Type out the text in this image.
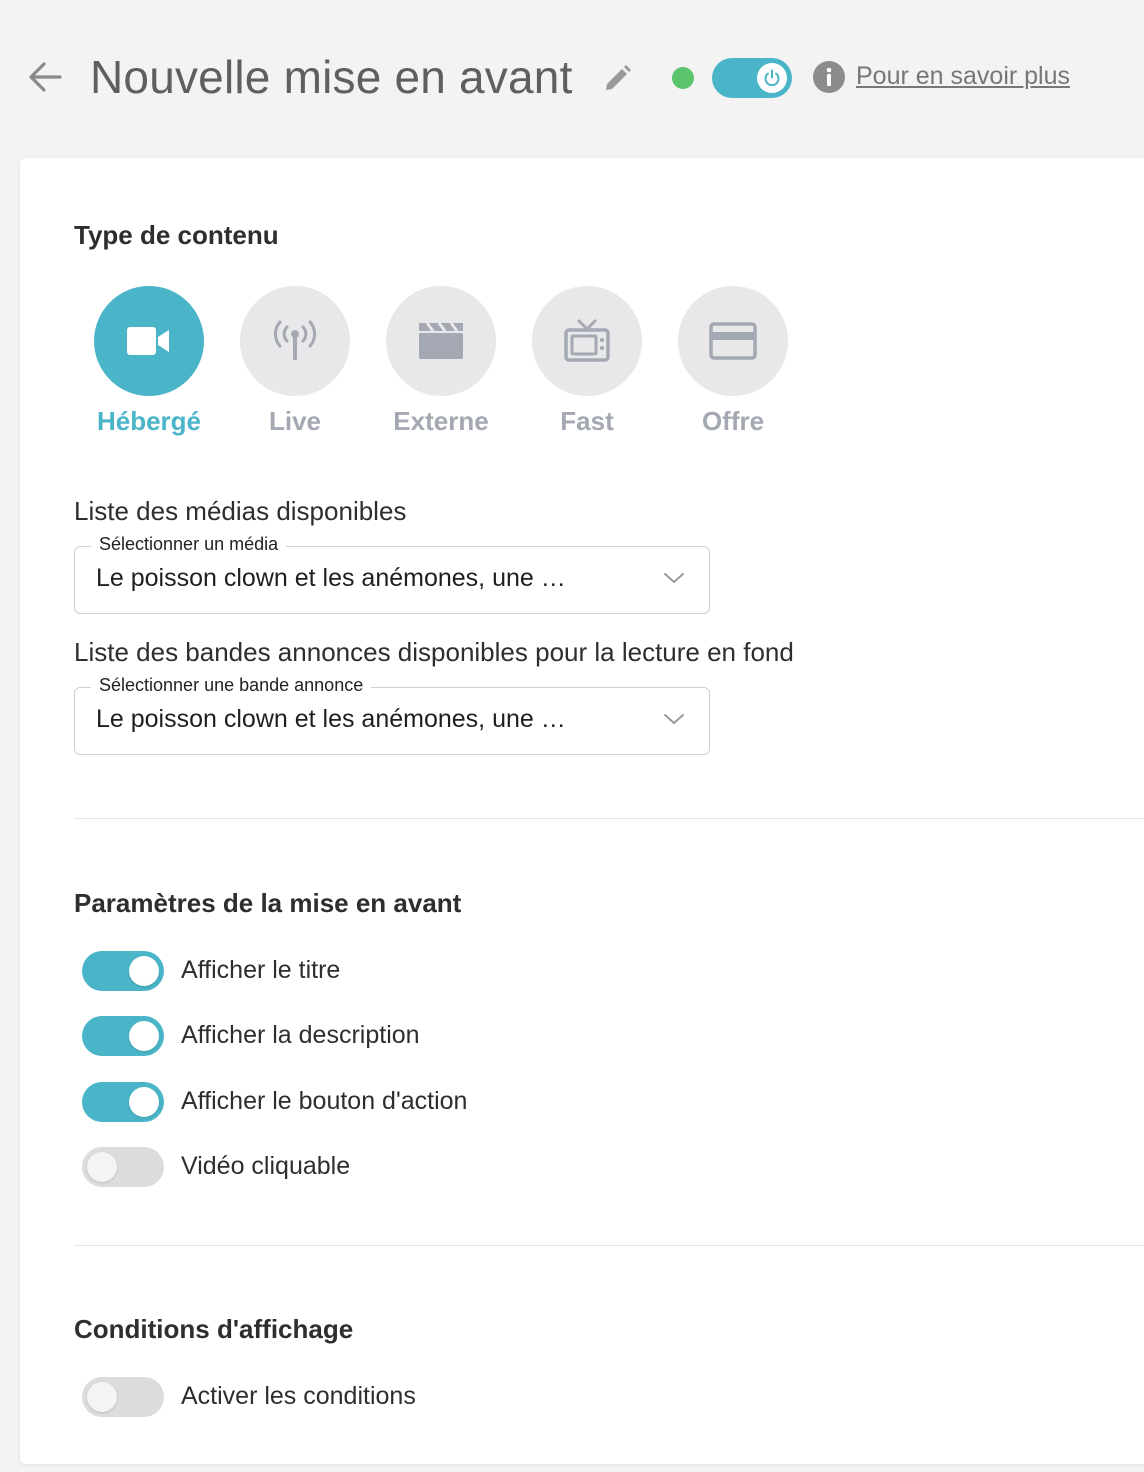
Nouvelle mise en avant	Pour en savoir plus
Type de contenu
Hébergé	Live	Externe	Fast	Offre
Liste des médias disponibles
Sélectionner un média
Le poisson clown et les anémones, une …
Liste des bandes annonces disponibles pour la lecture en fond
Sélectionner une bande annonce
Le poisson clown et les anémones, une …
Paramètres de la mise en avant
Afficher le titre
Afficher la description
Afficher le bouton d'action
Vidéo cliquable
Conditions d'affichage
Activer les conditions
